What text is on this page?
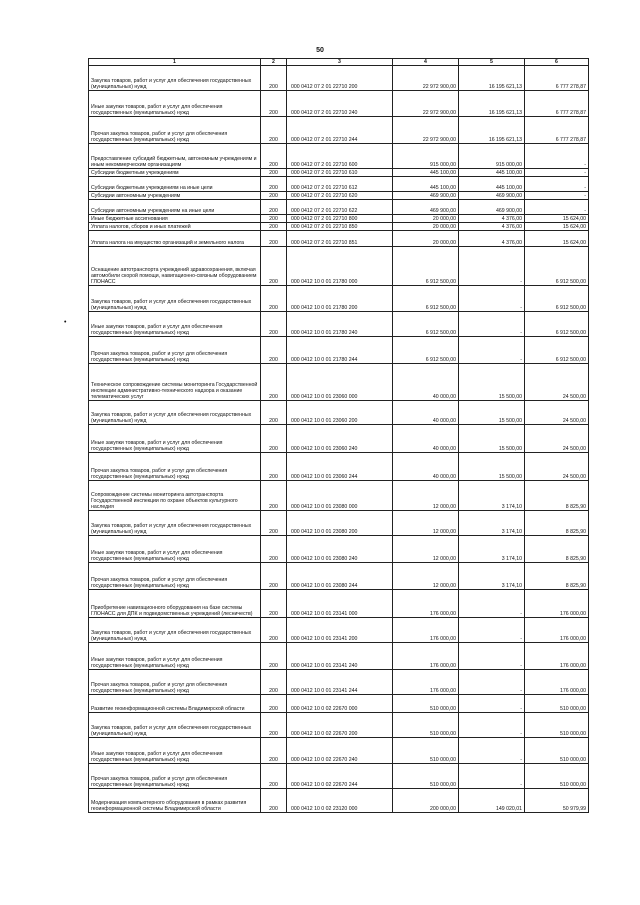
50
•
1	2	3	4	5	6
Закупка товаров, работ и услуг для обеспечения государственных (муниципальных) нужд	200	000 0412 07 2 01 22710 200	22 972 900,00	16 195 621,13	6 777 278,87
Иные закупки товаров, работ и услуг для обеспечения государственных (муниципальных) нужд	200	000 0412 07 2 01 22710 240	22 972 900,00	16 195 621,13	6 777 278,87
Прочая закупка товаров, работ и услуг для обеспечения государственных (муниципальных) нужд	200	000 0412 07 2 01 22710 244	22 972 900,00	16 195 621,13	6 777 278,87
Предоставление субсидий бюджетным, автономным учреждениям и иным некоммерческим организациям	200	000 0412 07 2 01 22710 600	915 000,00	915 000,00	-
Субсидии бюджетным учреждениям	200	000 0412 07 2 01 22710 610	445 100,00	445 100,00	-
Субсидии бюджетным учреждениям на иные цели	200	000 0412 07 2 01 22710 612	445 100,00	445 100,00	-
Субсидии автономным учреждениям	200	000 0412 07 2 01 22710 620	469 900,00	469 900,00	-
Субсидии автономным учреждениям на иные цели	200	000 0412 07 2 01 22710 622	469 900,00	469 900,00	-
Иные бюджетные ассигнования	200	000 0412 07 2 01 22710 800	20 000,00	4 376,00	15 624,00
Уплата налогов, сборов и иных платежей	200	000 0412 07 2 01 22710 850	20 000,00	4 376,00	15 624,00
Уплата налога на имущество организаций и земельного налога	200	000 0412 07 2 01 22710 851	20 000,00	4 376,00	15 624,00
Оснащение автотранспорта учреждений здравоохранения, включая автомобили скорой помощи, навигационно-связным оборудованием ГЛОНАСС	200	000 0412 10 0 01 21780 000	6 912 500,00	-	6 912 500,00
Закупка товаров, работ и услуг для обеспечения государственных (муниципальных) нужд	200	000 0412 10 0 01 21780 200	6 912 500,00	-	6 912 500,00
Иные закупки товаров, работ и услуг для обеспечения государственных (муниципальных) нужд	200	000 0412 10 0 01 21780 240	6 912 500,00	-	6 912 500,00
Прочая закупка товаров, работ и услуг для обеспечения государственных (муниципальных) нужд	200	000 0412 10 0 01 21780 244	6 912 500,00	-	6 912 500,00
Техническое сопровождение системы мониторинга Государственной инспекции административно-технического надзора и оказание телематических услуг	200	000 0412 10 0 01 23060 000	40 000,00	15 500,00	24 500,00
Закупка товаров, работ и услуг для обеспечения государственных (муниципальных) нужд	200	000 0412 10 0 01 23060 200	40 000,00	15 500,00	24 500,00
Иные закупки товаров, работ и услуг для обеспечения государственных (муниципальных) нужд	200	000 0412 10 0 01 23060 240	40 000,00	15 500,00	24 500,00
Прочая закупка товаров, работ и услуг для обеспечения государственных (муниципальных) нужд	200	000 0412 10 0 01 23060 244	40 000,00	15 500,00	24 500,00
Сопровождение системы мониторинга автотранспорта Государственной инспекции по охране объектов культурного наследия	200	000 0412 10 0 01 23080 000	12 000,00	3 174,10	8 825,90
Закупка товаров, работ и услуг для обеспечения государственных (муниципальных) нужд	200	000 0412 10 0 01 23080 200	12 000,00	3 174,10	8 825,90
Иные закупки товаров, работ и услуг для обеспечения государственных (муниципальных) нужд	200	000 0412 10 0 01 23080 240	12 000,00	3 174,10	8 825,90
Прочая закупка товаров, работ и услуг для обеспечения государственных (муниципальных) нужд	200	000 0412 10 0 01 23080 244	12 000,00	3 174,10	8 825,90
Приобретение навигационного оборудования на базе системы ГЛОНАСС для ДПК и подведомственных учреждений (лесничеств)	200	000 0412 10 0 01 23141 000	176 000,00	-	176 000,00
Закупка товаров, работ и услуг для обеспечения государственных (муниципальных) нужд	200	000 0412 10 0 01 23141 200	176 000,00	-	176 000,00
Иные закупки товаров, работ и услуг для обеспечения государственных (муниципальных) нужд	200	000 0412 10 0 01 23141 240	176 000,00	-	176 000,00
Прочая закупка товаров, работ и услуг для обеспечения государственных (муниципальных) нужд	200	000 0412 10 0 01 23141 244	176 000,00	-	176 000,00
Развитие геоинформационной системы Владимирской области	200	000 0412 10 0 02 22670 000	510 000,00	-	510 000,00
Закупка товаров, работ и услуг для обеспечения государственных (муниципальных) нужд	200	000 0412 10 0 02 22670 200	510 000,00	-	510 000,00
Иные закупки товаров, работ и услуг для обеспечения государственных (муниципальных) нужд	200	000 0412 10 0 02 22670 240	510 000,00	-	510 000,00
Прочая закупка товаров, работ и услуг для обеспечения государственных (муниципальных) нужд	200	000 0412 10 0 02 22670 244	510 000,00	-	510 000,00
Модернизация компьютерного оборудования в рамках развития геоинформационной системы Владимирской области	200	000 0412 10 0 02 23120 000	200 000,00	149 020,01	50 979,99
